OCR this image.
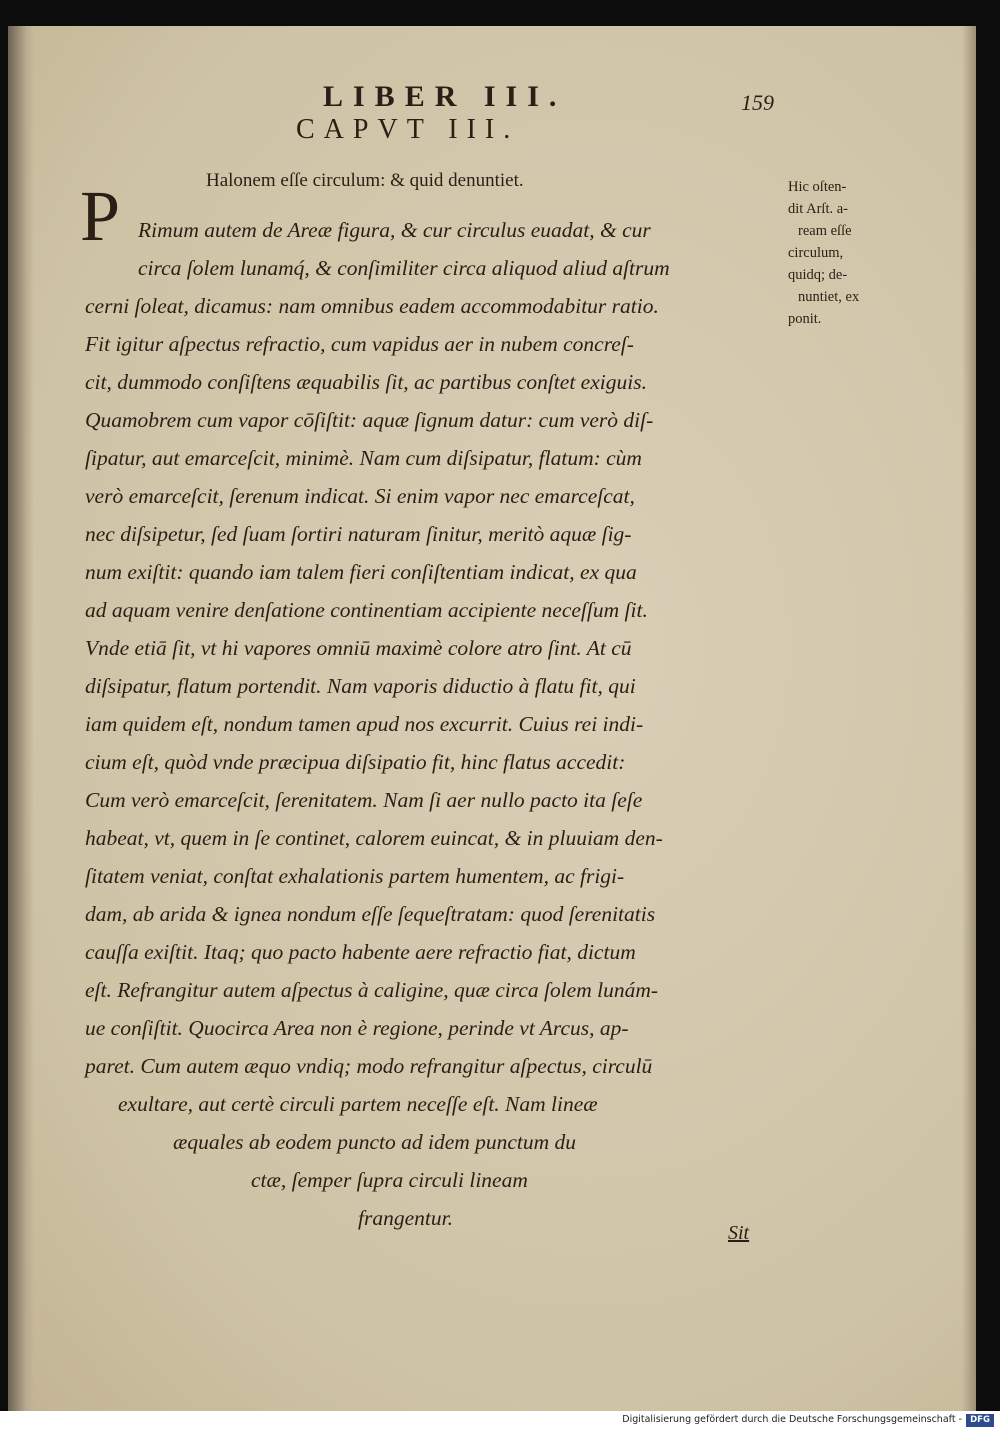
LIBER III.	159
CAPVT III.
Halonem eſſe circulum: & quid denuntiet.
P Rimum autem de Areæ figura, & cur circulus euadat, & cur
circa ſolem lunamq́, & conſimiliter circa aliquod aliud aſtrum
cerni ſoleat, dicamus: nam omnibus eadem accommodabitur ratio.
Fit igitur aſpectus refractio, cum vapidus aer in nubem concreſ-
cit, dummodo conſiſtens æquabilis ſit, ac partibus conſtet exiguis.
Quamobrem cum vapor cōſiſtit: aquæ ſignum datur: cum verò diſ-
ſipatur, aut emarceſcit, minimè. Nam cum diſsipatur, flatum: cùm
verò emarceſcit, ſerenum indicat. Si enim vapor nec emarceſcat,
nec diſsipetur, ſed ſuam ſortiri naturam ſinitur, meritò aquæ ſig-
num exiſtit: quando iam talem fieri conſiſtentiam indicat, ex qua
ad aquam venire denſatione continentiam accipiente neceſſum ſit.
Vnde etiā ſit, vt hi vapores omniū maximè colore atro ſint. At cū
diſsipatur, flatum portendit. Nam vaporis diductio à flatu fit, qui
iam quidem eſt, nondum tamen apud nos excurrit. Cuius rei indi-
cium eſt, quòd vnde præcipua diſsipatio fit, hinc flatus accedit:
Cum verò emarceſcit, ſerenitatem. Nam ſi aer nullo pacto ita ſeſe
habeat, vt, quem in ſe continet, calorem euincat, & in pluuiam den-
ſitatem veniat, conſtat exhalationis partem humentem, ac frigi-
dam, ab arida & ignea nondum eſſe ſequeſtratam: quod ſerenitatis
cauſſa exiſtit. Itaq; quo pacto habente aere refractio fiat, dictum
eſt. Refrangitur autem aſpectus à caligine, quæ circa ſolem lunám-
ue conſiſtit. Quocirca Area non è regione, perinde vt Arcus, ap-
paret. Cum autem æquo vndiq; modo refrangitur aſpectus, circulū
exultare, aut certè circuli partem neceſſe eſt. Nam lineæ
æquales ab eodem puncto ad idem punctum du
ctæ, ſemper ſupra circuli lineam
frangentur.
Hic oſten-
dit Arſt. a-
ream eſſe
circulum,
quidq; de-
nuntiet, ex
ponit.
Sit
Digitalisierung gefördert durch die Deutsche Forschungsgemeinschaft - DFG
